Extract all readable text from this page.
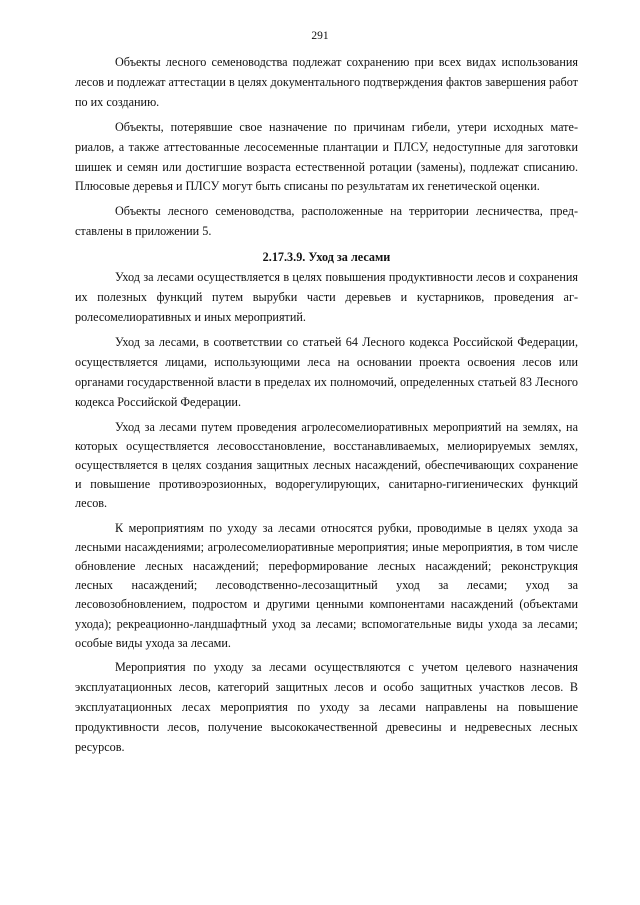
291

Объекты лесного семеноводства подлежат сохранению при всех видах использования лесов и подлежат аттестации в целях документального подтверждения фактов завершения работ по их созданию.

Объекты, потерявшие свое назначение по причинам гибели, утери исходных материалов, а также аттестованные лесосеменные плантации и ПЛСУ, недоступные для заготовки шишек и семян или достигшие возраста естественной ротации (замены), подлежат списанию. Плюсовые деревья и ПЛСУ могут быть списаны по результатам их генетической оценки.

Объекты лесного семеноводства, расположенные на территории лесничества, представлены в приложении 5.

2.17.3.9. Уход за лесами

Уход за лесами осуществляется в целях повышения продуктивности лесов и сохранения их полезных функций путем вырубки части деревьев и кустарников, проведения агролесомелиоративных и иных мероприятий.

Уход за лесами, в соответствии со статьей 64 Лесного кодекса Российской Федерации, осуществляется лицами, использующими леса на основании проекта освоения лесов или органами государственной власти в пределах их полномочий, определенных статьей 83 Лесного кодекса Российской Федерации.

Уход за лесами путем проведения агролесомелиоративных мероприятий на землях, на которых осуществляется лесовосстановление, восстанавливаемых, мелиорируемых землях, осуществляется в целях создания защитных лесных насаждений, обеспечивающих сохранение и повышение противоэрозионных, водорегулирующих, санитарно-гигиенических функций лесов.

К мероприятиям по уходу за лесами относятся рубки, проводимые в целях ухода за лесными насаждениями; агролесомелиоративные мероприятия; иные мероприятия, в том числе обновление лесных насаждений; переформирование лесных насаждений; реконструкция лесных насаждений; лесоводственно-лесозащитный уход за лесами; уход за лесовозобновлением, подростом и другими ценными компонентами насаждений (объектами ухода); рекреационно-ландшафтный уход за лесами; вспомогательные виды ухода за лесами; особые виды ухода за лесами.

Мероприятия по уходу за лесами осуществляются с учетом целевого назначения эксплуатационных лесов, категорий защитных лесов и особо защитных участков лесов. В эксплуатационных лесах мероприятия по уходу за лесами направлены на повышение продуктивности лесов, получение высококачественной древесины и недревесных лесных ресурсов.
